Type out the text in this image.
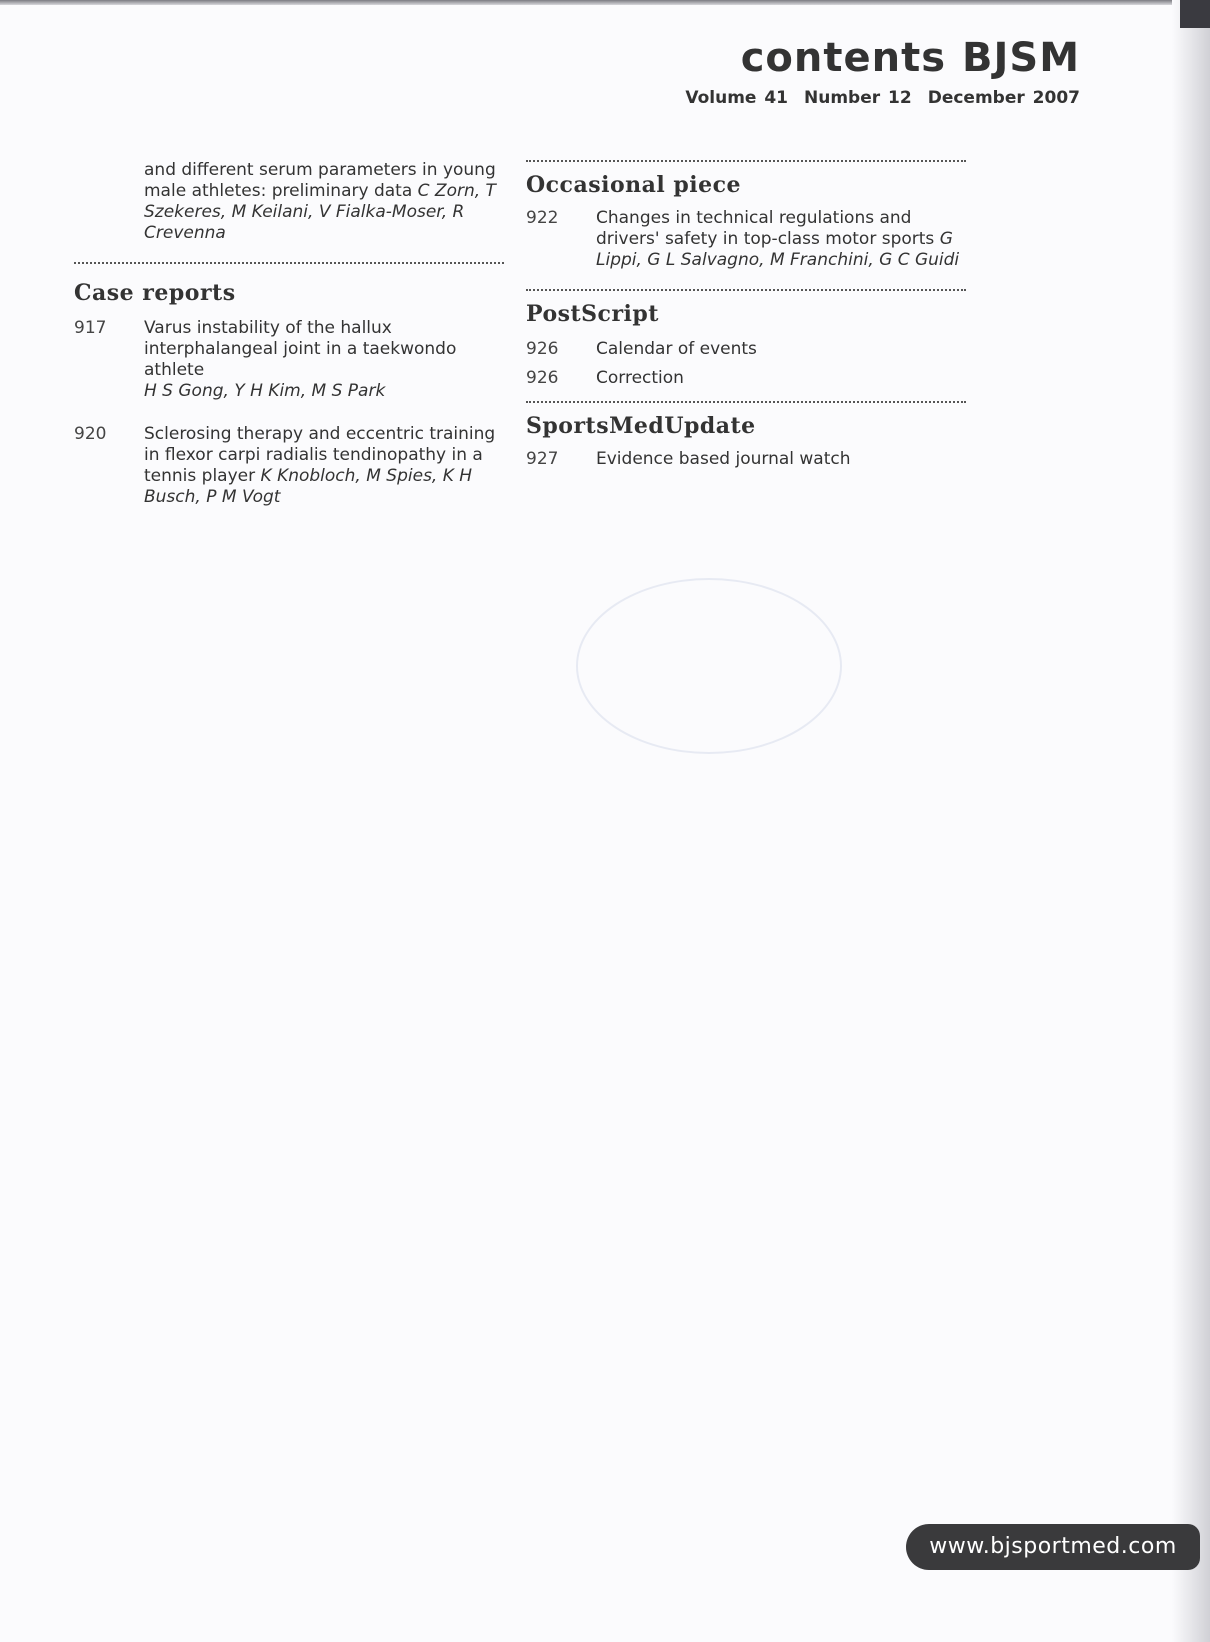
contents BJSM
Volume 41 Number 12 December 2007
and different serum parameters in young male athletes: preliminary data C Zorn, T Szekeres, M Keilani, V Fialka-Moser, R Crevenna
Case reports
917	Varus instability of the hallux interphalangeal joint in a taekwondo athlete
H S Gong, Y H Kim, M S Park
920	Sclerosing therapy and eccentric training in flexor carpi radialis tendinopathy in a tennis player K Knobloch, M Spies, K H Busch, P M Vogt
Occasional piece
922	Changes in technical regulations and drivers' safety in top-class motor sports G Lippi, G L Salvagno, M Franchini, G C Guidi
PostScript
926	Calendar of events
926	Correction
SportsMedUpdate
927	Evidence based journal watch
www.bjsportmed.com
